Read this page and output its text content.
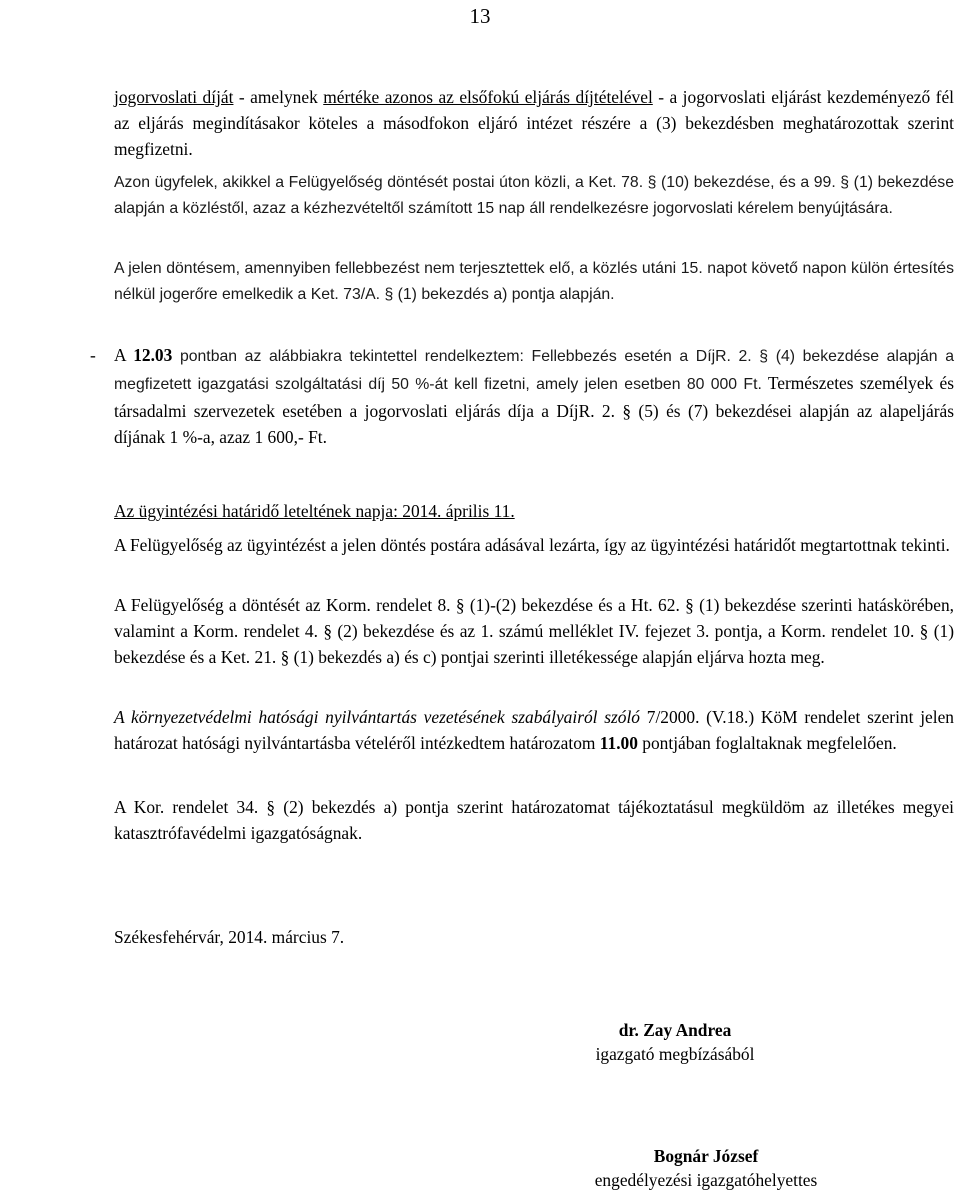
13

jogorvoslati díját - amelynek mértéke azonos az elsőfokú eljárás díjtételével - a jogorvoslati eljárást kezdeményező fél az eljárás megindításakor köteles a másodfokon eljáró intézet részére a (3) bekezdésben meghatározottak szerint megfizetni.

Azon ügyfelek, akikkel a Felügyelőség döntését postai úton közli, a Ket. 78. § (10) bekezdése, és a 99. § (1) bekezdése alapján a közléstől, azaz a kézhezvételtől számított 15 nap áll rendelkezésre jogorvoslati kérelem benyújtására.

A jelen döntésem, amennyiben fellebbezést nem terjesztettek elő, a közlés utáni 15. napot követő napon külön értesítés nélkül jogerőre emelkedik a Ket. 73/A. § (1) bekezdés a) pontja alapján.

- A 12.03 pontban az alábbiakra tekintettel rendelkeztem: Fellebbezés esetén a DíjR. 2. § (4) bekezdése alapján a megfizetett igazgatási szolgáltatási díj 50 %-át kell fizetni, amely jelen esetben 80 000 Ft. Természetes személyek és társadalmi szervezetek esetében a jogorvoslati eljárás díja a DíjR. 2. § (5) és (7) bekezdései alapján az alapeljárás díjának 1 %-a, azaz 1 600,- Ft.

Az ügyintézési határidő leteltének napja: 2014. április 11.

A Felügyelőség az ügyintézést a jelen döntés postára adásával lezárta, így az ügyintézési határidőt megtartottnak tekinti.

A Felügyelőség a döntését az Korm. rendelet 8. § (1)-(2) bekezdése és a Ht. 62. § (1) bekezdése szerinti hatáskörében, valamint a Korm. rendelet 4. § (2) bekezdése és az 1. számú melléklet IV. fejezet 3. pontja, a Korm. rendelet 10. § (1) bekezdése és a Ket. 21. § (1) bekezdés a) és c) pontjai szerinti illetékessége alapján eljárva hozta meg.

A környezetvédelmi hatósági nyilvántartás vezetésének szabályairól szóló 7/2000. (V.18.) KöM rendelet szerint jelen határozat hatósági nyilvántartásba vételéről intézkedtem határozatom 11.00 pontjában foglaltaknak megfelelően.

A Kor. rendelet 34. § (2) bekezdés a) pontja szerint határozatomat tájékoztatásul megküldöm az illetékes megyei katasztrófavédelmi igazgatóságnak.

Székesfehérvár, 2014. március 7.

dr. Zay Andrea
igazgató megbízásából
Bognár József
engedélyezési igazgatóhelyettes
